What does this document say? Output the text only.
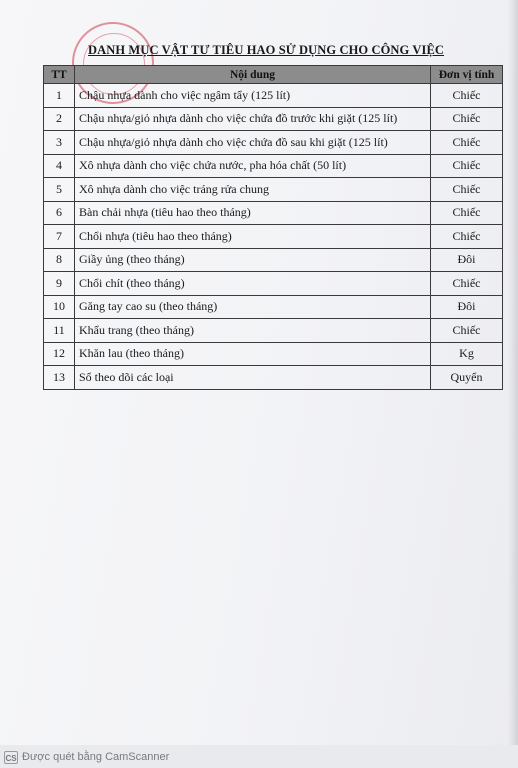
DANH MỤC VẬT TƯ TIÊU HAO SỬ DỤNG CHO CÔNG VIỆC
TT	Nội dung	Đơn vị tính
1	Chậu nhựa dành cho việc ngâm tẩy (125 lít)	Chiếc
2	Chậu nhựa/giỏ nhựa dành cho việc chứa đồ trước khi giặt (125 lít)	Chiếc
3	Chậu nhựa/giỏ nhựa dành cho việc chứa đồ sau khi giặt (125 lít)	Chiếc
4	Xô nhựa dành cho việc chứa nước, pha hóa chất (50 lít)	Chiếc
5	Xô nhựa dành cho việc tráng rửa chung	Chiếc
6	Bàn chải nhựa (tiêu hao theo tháng)	Chiếc
7	Chổi nhựa (tiêu hao theo tháng)	Chiếc
8	Giầy ủng (theo tháng)	Đôi
9	Chổi chít (theo tháng)	Chiếc
10	Găng tay cao su (theo tháng)	Đôi
11	Khẩu trang (theo tháng)	Chiếc
12	Khăn lau (theo tháng)	Kg
13	Sổ theo dõi các loại	Quyển
CS Được quét bằng CamScanner
